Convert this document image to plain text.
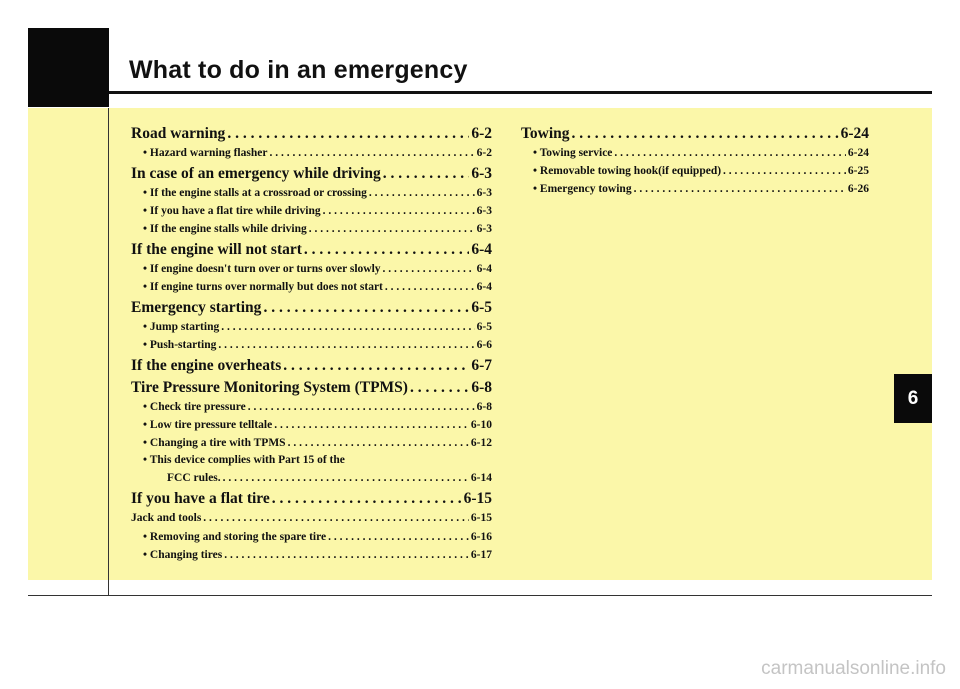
What to do in an emergency
6
carmanualsonline.info
Road warning . . .	6-2
• Hazard warning flasher . . .	6-2
In case of an emergency while driving . . .	6-3
• If the engine stalls at a crossroad or crossing . . .	6-3
• If you have a flat tire while driving . . .	6-3
• If the engine stalls while driving . . .	6-3
If the engine will not start . . .	6-4
• If engine doesn't turn over or turns over slowly . . .	6-4
• If engine turns over normally but does not start . . .	6-4
Emergency starting . . .	6-5
• Jump starting . . .	6-5
• Push-starting . . .	6-6
If the engine overheats . . .	6-7
Tire Pressure Monitoring System (TPMS) . . .	6-8
• Check tire pressure . . .	6-8
• Low tire pressure telltale . . .	6-10
• Changing a tire with TPMS . . .	6-12
• This device complies with Part 15 of the
FCC rules. . . .	6-14
If you have a flat tire . . .	6-15
Jack and tools . . .	6-15
• Removing and storing the spare tire . . .	6-16
• Changing tires . . .	6-17
Towing . . .	6-24
• Towing service . . .	6-24
• Removable towing hook(if equipped) . . .	6-25
• Emergency towing . . .	6-26
